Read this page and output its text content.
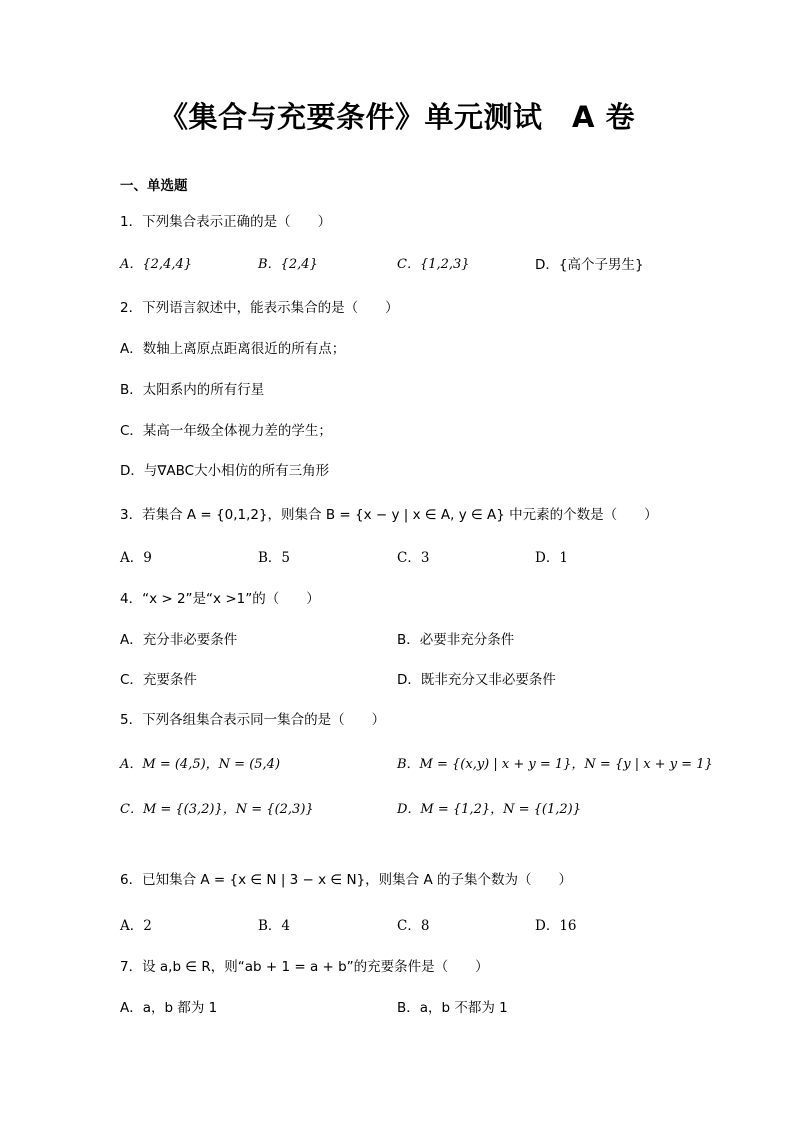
《集合与充要条件》单元测试　A 卷
一、单选题
1．下列集合表示正确的是（　　）
A．{2,4,4}	B．{2,4}	C．{1,2,3}	D．{高个子男生}
2．下列语言叙述中，能表示集合的是（　　）
A．数轴上离原点距离很近的所有点；
B．太阳系内的所有行星
C．某高一年级全体视力差的学生；
D．与∇ABC大小相仿的所有三角形
3．若集合 A = {0,1,2}，则集合 B = {x − y | x ∈ A, y ∈ A} 中元素的个数是（　　）
A．9	B．5	C．3	D．1
4．“x > 2”是“x >1”的（　　）
A．充分非必要条件	B．必要非充分条件
C．充要条件	D．既非充分又非必要条件
5．下列各组集合表示同一集合的是（　　）
A．M = (4,5)，N = (5,4)	B．M = {(x,y) | x + y = 1}，N = {y | x + y = 1}
C．M = {(3,2)}，N = {(2,3)}	D．M = {1,2}，N = {(1,2)}
6．已知集合 A = {x ∈ N | 3 − x ∈ N}，则集合 A 的子集个数为（　　）
A．2	B．4	C．8	D．16
7．设 a,b ∈ R，则“ab + 1 = a + b”的充要条件是（　　）
A．a，b 都为 1	B．a，b 不都为 1
